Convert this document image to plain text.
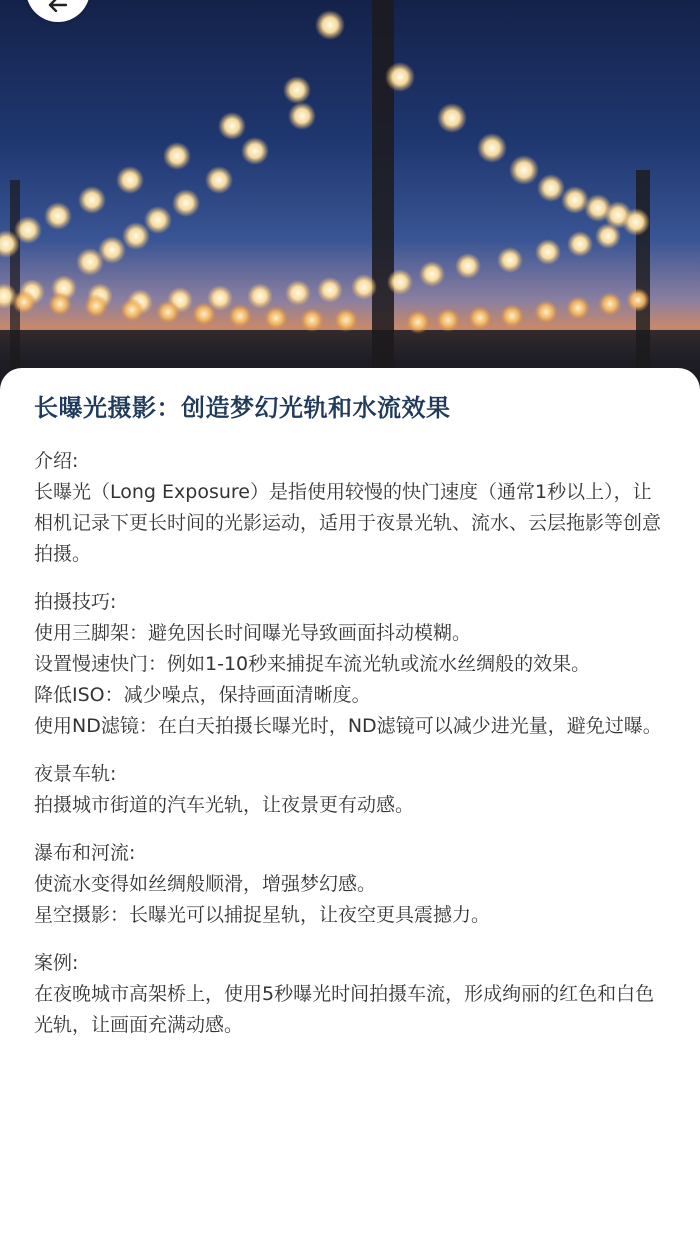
长曝光摄影：创造梦幻光轨和水流效果

介绍:

长曝光（Long Exposure）是指使用较慢的快门速度（通常1秒以上），让相机记录下更长时间的光影运动，适用于夜景光轨、流水、云层拖影等创意拍摄。

拍摄技巧:

使用三脚架：避免因长时间曝光导致画面抖动模糊。

设置慢速快门：例如1-10秒来捕捉车流光轨或流水丝绸般的效果。

降低ISO：减少噪点，保持画面清晰度。

使用ND滤镜：在白天拍摄长曝光时，ND滤镜可以减少进光量，避免过曝。

夜景车轨:

拍摄城市街道的汽车光轨，让夜景更有动感。

瀑布和河流:

使流水变得如丝绸般顺滑，增强梦幻感。

星空摄影：长曝光可以捕捉星轨，让夜空更具震撼力。

案例:

在夜晚城市高架桥上，使用5秒曝光时间拍摄车流，形成绚丽的红色和白色光轨，让画面充满动感。
